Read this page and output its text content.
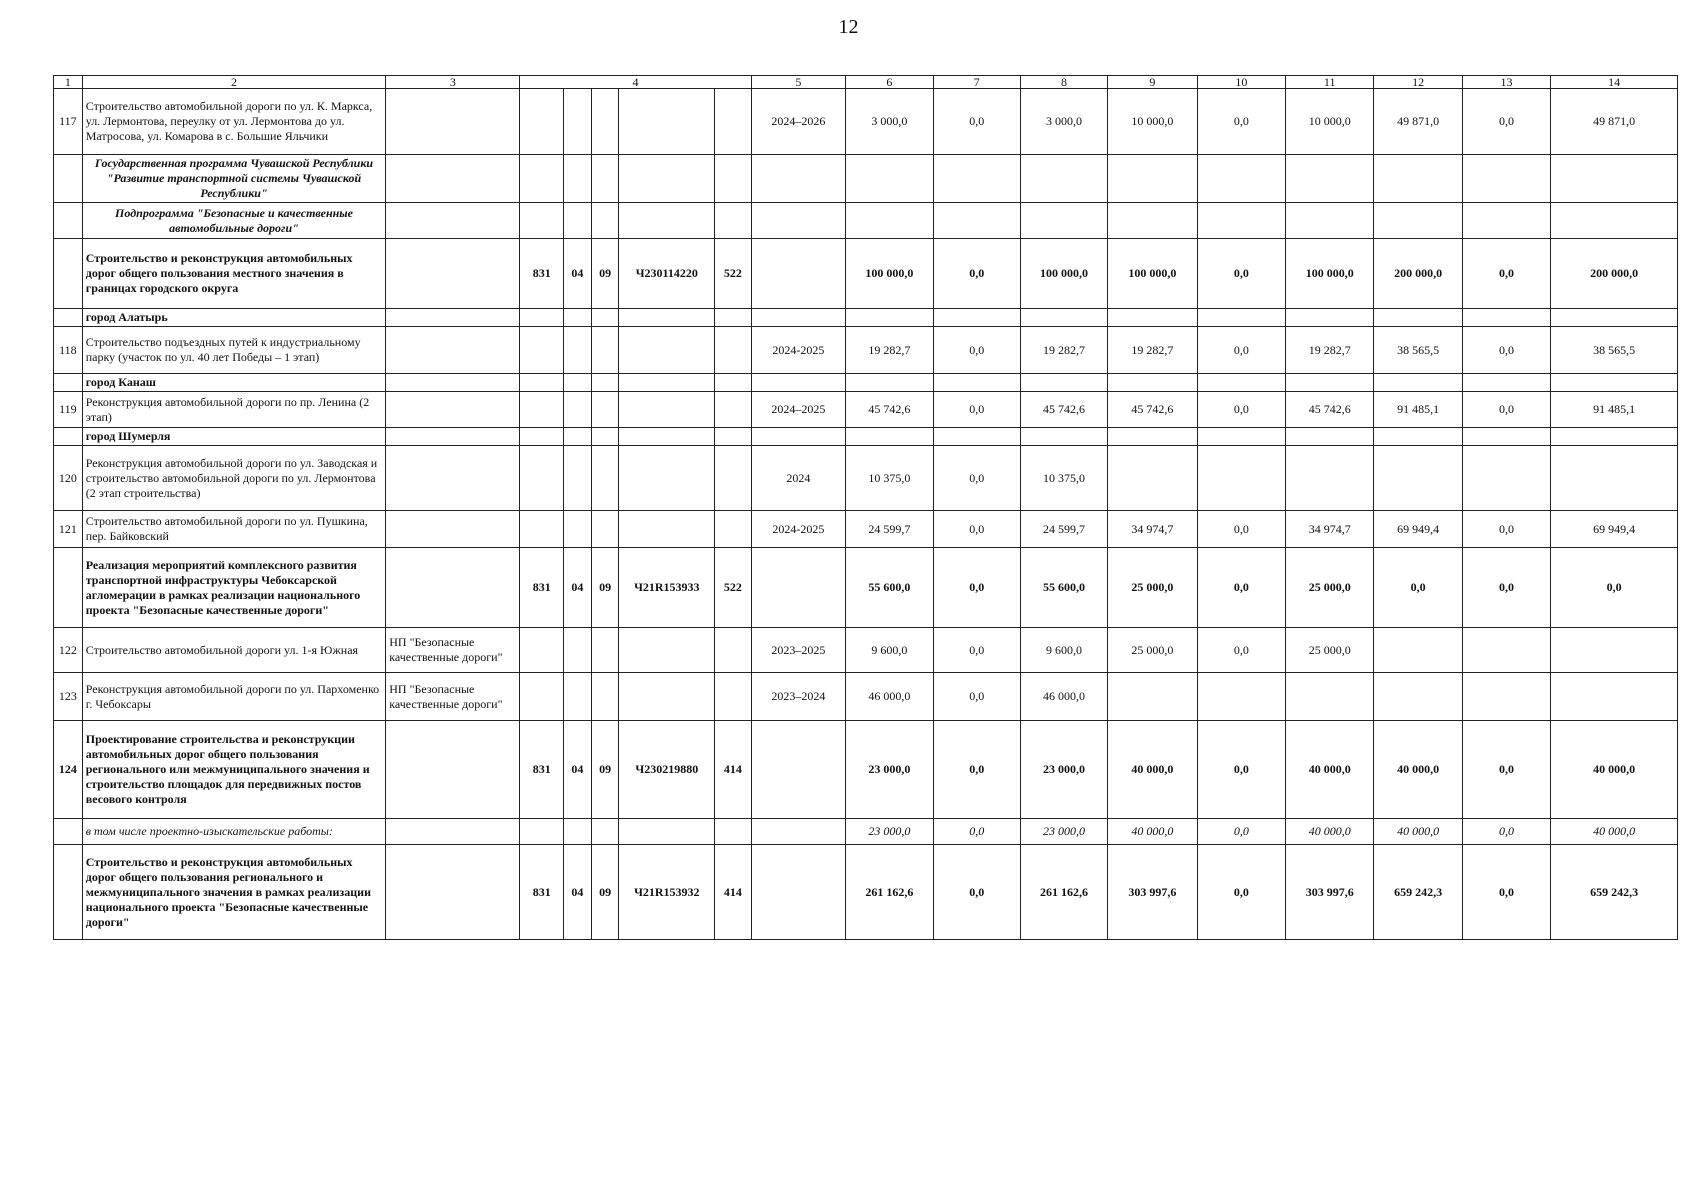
12
1	2	3	4					5	6	7	8	9	10	11	12	13	14
117	Строительство автомобильной дороги по ул. К. Маркса, ул. Лермонтова, переулку от ул. Лермонтова до ул. Матросова, ул. Комарова в с. Большие Яльчики							2024–2026	3 000,0	0,0	3 000,0	10 000,0	0,0	10 000,0	49 871,0	0,0	49 871,0
	Государственная программа Чувашской Республики "Развитие транспортной системы Чувашской Республики"																
	Подпрограмма "Безопасные и качественные автомобильные дороги"																
	Строительство и реконструкция автомобильных дорог общего пользования местного значения в границах городского округа		831	04	09	Ч230114220	522		100 000,0	0,0	100 000,0	100 000,0	0,0	100 000,0	200 000,0	0,0	200 000,0
	город Алатырь																
118	Строительство подъездных путей к индустриальному парку (участок по ул. 40 лет Победы – 1 этап)							2024-2025	19 282,7	0,0	19 282,7	19 282,7	0,0	19 282,7	38 565,5	0,0	38 565,5
	город Канаш																
119	Реконструкция автомобильной дороги по пр. Ленина (2 этап)							2024–2025	45 742,6	0,0	45 742,6	45 742,6	0,0	45 742,6	91 485,1	0,0	91 485,1
	город Шумерля																
120	Реконструкция автомобильной дороги по ул. Заводская и строительство автомобильной дороги по ул. Лермонтова (2 этап строительства)							2024	10 375,0	0,0	10 375,0						
121	Строительство автомобильной дороги по ул. Пушкина, пер. Байковский							2024-2025	24 599,7	0,0	24 599,7	34 974,7	0,0	34 974,7	69 949,4	0,0	69 949,4
	Реализация мероприятий комплексного развития транспортной инфраструктуры Чебоксарской агломерации в рамках реализации национального проекта "Безопасные качественные дороги"		831	04	09	Ч21R153933	522		55 600,0	0,0	55 600,0	25 000,0	0,0	25 000,0	0,0	0,0	0,0
122	Строительство автомобильной дороги ул. 1-я Южная	НП "Безопасные качественные дороги"						2023–2025	9 600,0	0,0	9 600,0	25 000,0	0,0	25 000,0			
123	Реконструкция автомобильной дороги по ул. Пархоменко г. Чебоксары	НП "Безопасные качественные дороги"						2023–2024	46 000,0	0,0	46 000,0						
124	Проектирование строительства и реконструкции автомобильных дорог общего пользования регионального или межмуниципального значения и строительство площадок для передвижных постов весового контроля		831	04	09	Ч230219880	414		23 000,0	0,0	23 000,0	40 000,0	0,0	40 000,0	40 000,0	0,0	40 000,0
	в том числе проектно-изыскательские работы:								23 000,0	0,0	23 000,0	40 000,0	0,0	40 000,0	40 000,0	0,0	40 000,0
	Строительство и реконструкция автомобильных дорог общего пользования регионального и межмуниципального значения в рамках реализации национального проекта "Безопасные качественные дороги"		831	04	09	Ч21R153932	414		261 162,6	0,0	261 162,6	303 997,6	0,0	303 997,6	659 242,3	0,0	659 242,3
